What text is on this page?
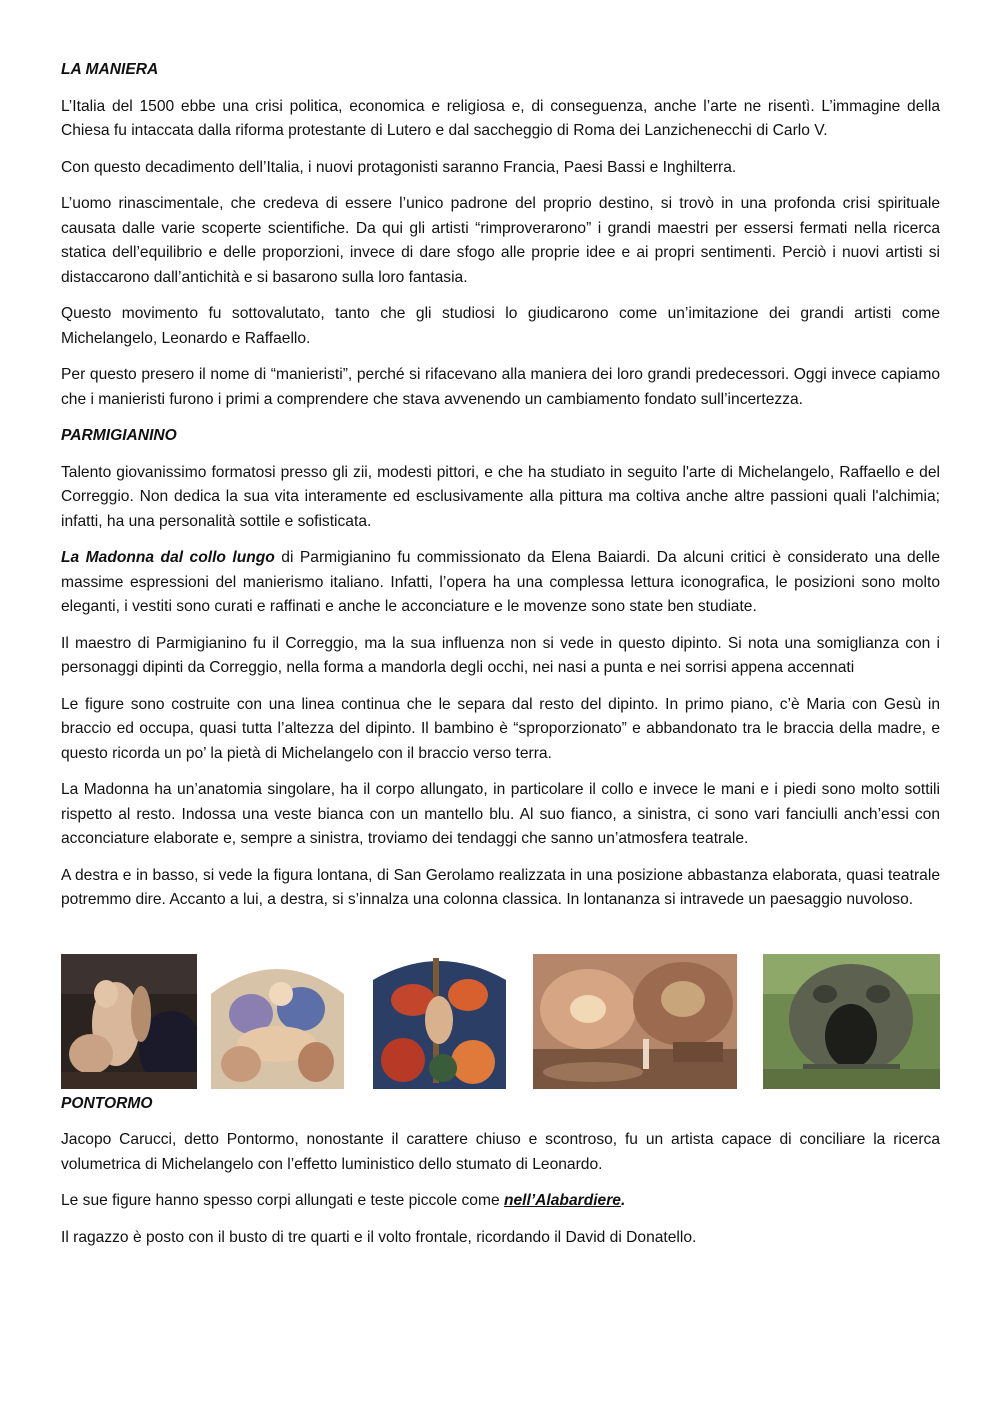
LA MANIERA

L’Italia del 1500 ebbe una crisi politica, economica e religiosa e, di conseguenza, anche l’arte ne risentì. L’immagine della Chiesa fu intaccata dalla riforma protestante di Lutero e dal saccheggio di Roma dei Lanzichenecchi di Carlo V.

Con questo decadimento dell’Italia, i nuovi protagonisti saranno Francia, Paesi Bassi e Inghilterra.

L’uomo rinascimentale, che credeva di essere l’unico padrone del proprio destino, si trovò in una profonda crisi spirituale causata dalle varie scoperte scientifiche. Da qui gli artisti “rimproverarono” i grandi maestri per essersi fermati nella ricerca statica dell’equilibrio e delle proporzioni, invece di dare sfogo alle proprie idee e ai propri sentimenti. Perciò i nuovi artisti si distaccarono dall’antichità e si basarono sulla loro fantasia.

Questo movimento fu sottovalutato, tanto che gli studiosi lo giudicarono come un’imitazione dei grandi artisti come Michelangelo, Leonardo e Raffaello.

Per questo presero il nome di “manieristi”, perché si rifacevano alla maniera dei loro grandi predecessori. Oggi invece capiamo che i manieristi furono i primi a comprendere che stava avvenendo un cambiamento fondato sull’incertezza.

PARMIGIANINO

Talento giovanissimo formatosi presso gli zii, modesti pittori, e che ha studiato in seguito l'arte di Michelangelo, Raffaello e del Correggio. Non dedica la sua vita interamente ed esclusivamente alla pittura ma coltiva anche altre passioni quali l'alchimia; infatti, ha una personalità sottile e sofisticata.

La Madonna dal collo lungo di Parmigianino fu commissionato da Elena Baiardi. Da alcuni critici è considerato una delle massime espressioni del manierismo italiano. Infatti, l’opera ha una complessa lettura iconografica, le posizioni sono molto eleganti, i vestiti sono curati e raffinati e anche le acconciature e le movenze sono state ben studiate.

Il maestro di Parmigianino fu il Correggio, ma la sua influenza non si vede in questo dipinto. Si nota una somiglianza con i personaggi dipinti da Correggio, nella forma a mandorla degli occhi, nei nasi a punta e nei sorrisi appena accennati

Le figure sono costruite con una linea continua che le separa dal resto del dipinto. In primo piano, c’è Maria con Gesù in braccio ed occupa, quasi tutta l’altezza del dipinto. Il bambino è “sproporzionato” e abbandonato tra le braccia della madre, e questo ricorda un po’ la pietà di Michelangelo con il braccio verso terra.

La Madonna ha un’anatomia singolare, ha il corpo allungato, in particolare il collo e invece le mani e i piedi sono molto sottili rispetto al resto. Indossa una veste bianca con un mantello blu. Al suo fianco, a sinistra, ci sono vari fanciulli anch’essi con acconciature elaborate e, sempre a sinistra, troviamo dei tendaggi che sanno un’atmosfera teatrale.

A destra e in basso, si vede la figura lontana, di San Gerolamo realizzata in una posizione abbastanza elaborata, quasi teatrale potremmo dire. Accanto a lui, a destra, si s’innalza una colonna classica. In lontananza si intravede un paesaggio nuvoloso.

PONTORMO

Jacopo Carucci, detto Pontormo, nonostante il carattere chiuso e scontroso, fu un artista capace di conciliare la ricerca volumetrica di Michelangelo con l’effetto luministico dello stumato di Leonardo.

Le sue figure hanno spesso corpi allungati e teste piccole come nell’Alabardiere.

Il ragazzo è posto con il busto di tre quarti e il volto frontale, ricordando il David di Donatello.
